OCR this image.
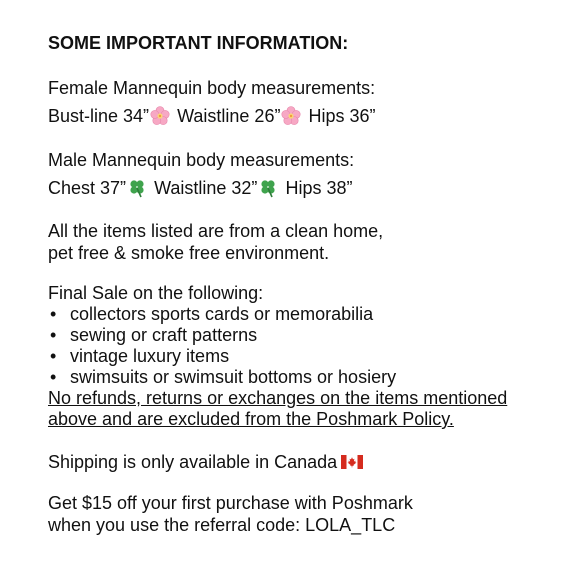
SOME IMPORTANT INFORMATION:

Female Mannequin body measurements:

Bust-line 34” Waistline 26” Hips 36”

Male Mannequin body measurements:

Chest 37” Waistline 32” Hips 38”

All the items listed are from a clean home,

pet free & smoke free environment.

Final Sale on the following:

• collectors sports cards or memorabilia
• sewing or craft patterns
• vintage luxury items
• swimsuits or swimsuit bottoms or hosiery

No refunds, returns or exchanges on the items mentioned

above and are excluded from the Poshmark Policy.

Shipping is only available in Canada

Get $15 off your first purchase with Poshmark

when you use the referral code: LOLA_TLC
